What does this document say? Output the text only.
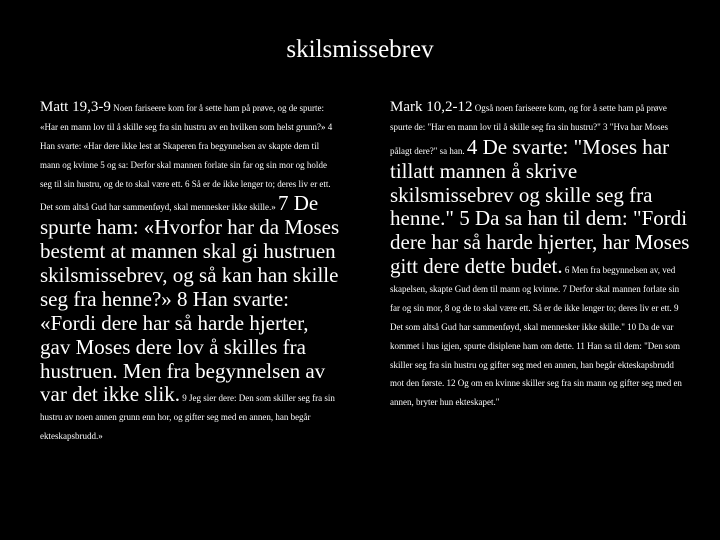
skilsmissebrev
Matt 19,3-9 Noen fariseere kom for å sette ham på prøve, og de spurte: «Har en mann lov til å skille seg fra sin hustru av en hvilken som helst grunn?» 4 Han svarte: «Har dere ikke lest at Skaperen fra begynnelsen av skapte dem til mann og kvinne 5 og sa: Derfor skal mannen forlate sin far og sin mor og holde seg til sin hustru, og de to skal være ett. 6 Så er de ikke lenger to; deres liv er ett. Det som altså Gud har sammenføyd, skal mennesker ikke skille.» 7 De spurte ham: «Hvorfor har da Moses bestemt at mannen skal gi hustruen skilsmissebrev, og så kan han skille seg fra henne?» 8 Han svarte: «Fordi dere har så harde hjerter, gav Moses dere lov å skilles fra hustruen. Men fra begynnelsen av var det ikke slik. 9 Jeg sier dere: Den som skiller seg fra sin hustru av noen annen grunn enn hor, og gifter seg med en annen, han begår ekteskapsbrudd.»
Mark 10,2-12 Også noen fariseere kom, og for å sette ham på prøve spurte de: "Har en mann lov til å skille seg fra sin hustru?" 3 "Hva har Moses pålagt dere?" sa han. 4 De svarte: "Moses har tillatt mannen å skrive skilsmissebrev og skille seg fra henne." 5 Da sa han til dem: "Fordi dere har så harde hjerter, har Moses gitt dere dette budet. 6 Men fra begynnelsen av, ved skapelsen, skapte Gud dem til mann og kvinne. 7 Derfor skal mannen forlate sin far og sin mor, 8 og de to skal være ett. Så er de ikke lenger to; deres liv er ett. 9 Det som altså Gud har sammenføyd, skal mennesker ikke skille." 10 Da de var kommet i hus igjen, spurte disiplene ham om dette. 11 Han sa til dem: "Den som skiller seg fra sin hustru og gifter seg med en annen, han begår ekteskapsbrudd mot den første. 12 Og om en kvinne skiller seg fra sin mann og gifter seg med en annen, bryter hun ekteskapet."
